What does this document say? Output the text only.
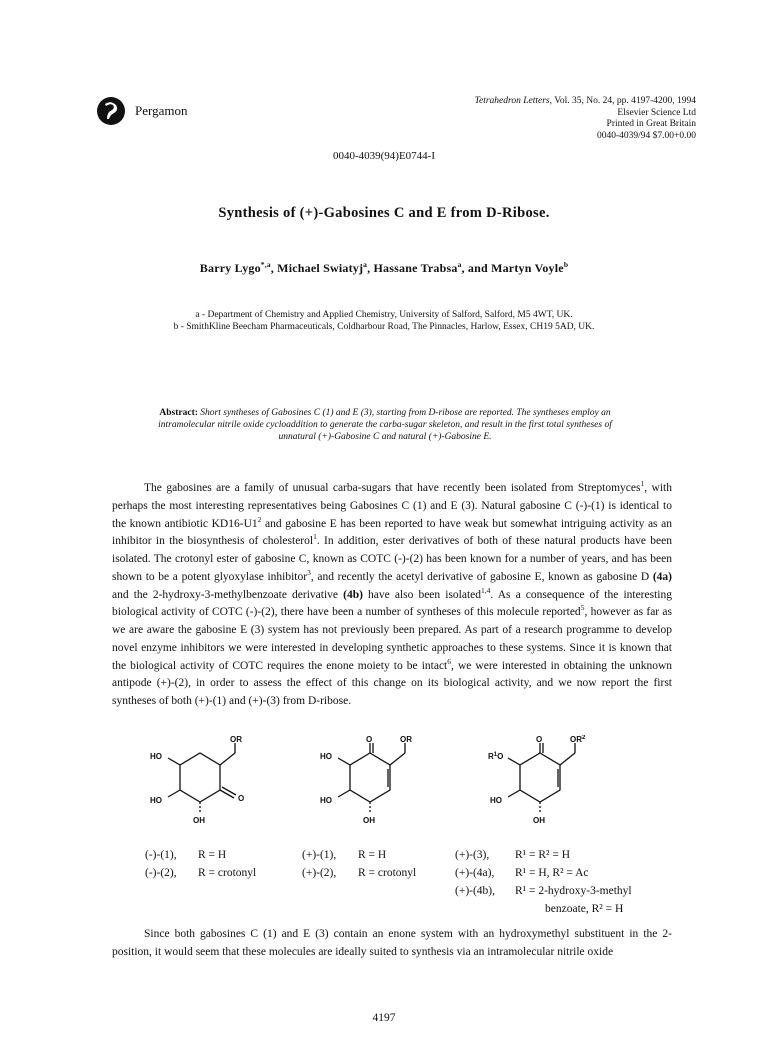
Pergamon
Tetrahedron Letters, Vol. 35, No. 24, pp. 4197-4200, 1994
Elsevier Science Ltd
Printed in Great Britain
0040-4039/94 $7.00+0.00
0040-4039(94)E0744-I
Synthesis of (+)-Gabosines C and E from D-Ribose.
Barry Lygo$^{*,a}$, Michael Swiatyj$^a$, Hassane Trabsa$^a$, and Martyn Voyle$^b$
a - Department of Chemistry and Applied Chemistry, University of Salford, Salford, M5 4WT, UK.
b - SmithKline Beecham Pharmaceuticals, Coldharbour Road, The Pinnacles, Harlow, Essex, CH19 5AD, UK.
Abstract: Short syntheses of Gabosines C (1) and E (3), starting from D-ribose are reported. The syntheses employ an intramolecular nitrile oxide cycloaddition to generate the carba-sugar skeleton, and result in the first total syntheses of unnatural (+)-Gabosine C and natural (+)-Gabosine E.

The gabosines are a family of unusual carba-sugars that have recently been isolated from Streptomyces$^1$, with perhaps the most interesting representatives being Gabosines C (1) and E (3). Natural gabosine C (-)-(1) is identical to the known antibiotic $KD16-U1^2$ and gabosine E has been reported to have weak but somewhat intriguing activity as an inhibitor in the biosynthesis of cholesterol$^1$. In addition, ester derivatives of both of these natural products have been isolated. The crotonyl ester of gabosine C, known as COTC (-)-(2) has been known for a number of years, and has been shown to be a potent glyoxylase inhibitor$^3$, and recently the acetyl derivative of gabosine E, known as gabosine D (4a) and the 2-hydroxy-3-methylbenzoate derivative (4b) have also been isolated$^{1,4}$. As a consequence of the interesting biological activity of COTC (-)-(2), there have been a number of syntheses of this molecule reported$^5$, however as far as we are aware the gabosine E (3) system has not previously been prepared. As part of a research programme to develop novel enzyme inhibitors we were interested in developing synthetic approaches to these systems. Since it is known that the biological activity of COTC requires the enone moiety to be intact$^6$, we were interested in obtaining the unknown antipode (+)-(2), in order to assess the effect of this change on its biological activity, and we now report the first syntheses of both (+)-(1) and (+)-(3) from D-ribose.

OR
O
HO
HO
OH
O	OR
HO
HO
OH
O	$OR^2$
$R^1O$
HO
OH
(-)-(1), R = H
(-)-(2), R = crotonyl
(+)-(1), R = H
(+)-(2), R = crotonyl
(+)-(3), R¹ = R² = H
(+)-(4a), R¹ = H, R² = Ac
(+)-(4b), R¹ = 2-hydroxy-3-methyl
benzoate, R² = H

Since both gabosines C (1) and E (3) contain an enone system with an hydroxymethyl substituent in the 2-position, it would seem that these molecules are ideally suited to synthesis via an intramolecular nitrile oxide

4197
